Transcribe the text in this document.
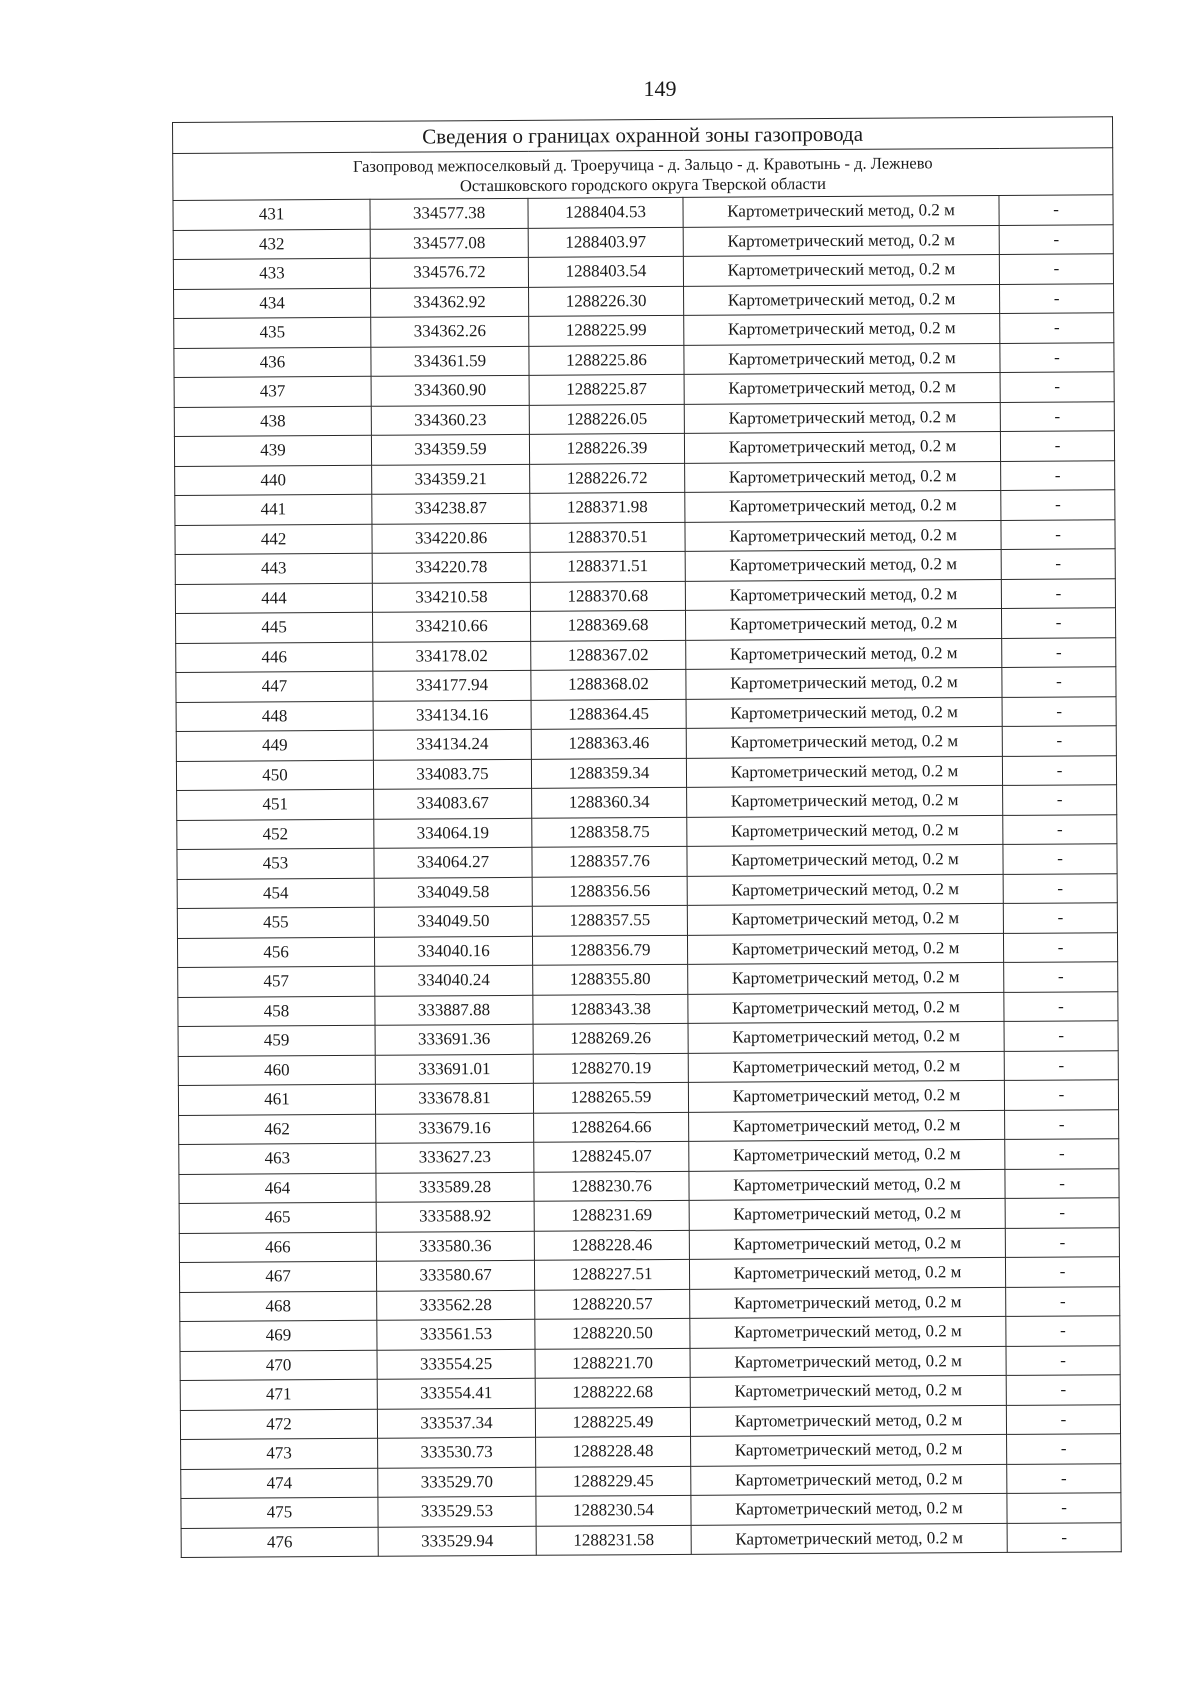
149
Сведения о границах охранной зоны газопровода				

Газопровод межпоселковый д. Троеручица - д. Зальцо - д. Кравотынь - д. Лежнево
Осташковского городского округа Тверской области				

431	334577.38	1288404.53	Картометрический метод, 0.2 м	-
432	334577.08	1288403.97	Картометрический метод, 0.2 м	-
433	334576.72	1288403.54	Картометрический метод, 0.2 м	-
434	334362.92	1288226.30	Картометрический метод, 0.2 м	-
435	334362.26	1288225.99	Картометрический метод, 0.2 м	-
436	334361.59	1288225.86	Картометрический метод, 0.2 м	-
437	334360.90	1288225.87	Картометрический метод, 0.2 м	-
438	334360.23	1288226.05	Картометрический метод, 0.2 м	-
439	334359.59	1288226.39	Картометрический метод, 0.2 м	-
440	334359.21	1288226.72	Картометрический метод, 0.2 м	-
441	334238.87	1288371.98	Картометрический метод, 0.2 м	-
442	334220.86	1288370.51	Картометрический метод, 0.2 м	-
443	334220.78	1288371.51	Картометрический метод, 0.2 м	-
444	334210.58	1288370.68	Картометрический метод, 0.2 м	-
445	334210.66	1288369.68	Картометрический метод, 0.2 м	-
446	334178.02	1288367.02	Картометрический метод, 0.2 м	-
447	334177.94	1288368.02	Картометрический метод, 0.2 м	-
448	334134.16	1288364.45	Картометрический метод, 0.2 м	-
449	334134.24	1288363.46	Картометрический метод, 0.2 м	-
450	334083.75	1288359.34	Картометрический метод, 0.2 м	-
451	334083.67	1288360.34	Картометрический метод, 0.2 м	-
452	334064.19	1288358.75	Картометрический метод, 0.2 м	-
453	334064.27	1288357.76	Картометрический метод, 0.2 м	-
454	334049.58	1288356.56	Картометрический метод, 0.2 м	-
455	334049.50	1288357.55	Картометрический метод, 0.2 м	-
456	334040.16	1288356.79	Картометрический метод, 0.2 м	-
457	334040.24	1288355.80	Картометрический метод, 0.2 м	-
458	333887.88	1288343.38	Картометрический метод, 0.2 м	-
459	333691.36	1288269.26	Картометрический метод, 0.2 м	-
460	333691.01	1288270.19	Картометрический метод, 0.2 м	-
461	333678.81	1288265.59	Картометрический метод, 0.2 м	-
462	333679.16	1288264.66	Картометрический метод, 0.2 м	-
463	333627.23	1288245.07	Картометрический метод, 0.2 м	-
464	333589.28	1288230.76	Картометрический метод, 0.2 м	-
465	333588.92	1288231.69	Картометрический метод, 0.2 м	-
466	333580.36	1288228.46	Картометрический метод, 0.2 м	-
467	333580.67	1288227.51	Картометрический метод, 0.2 м	-
468	333562.28	1288220.57	Картометрический метод, 0.2 м	-
469	333561.53	1288220.50	Картометрический метод, 0.2 м	-
470	333554.25	1288221.70	Картометрический метод, 0.2 м	-
471	333554.41	1288222.68	Картометрический метод, 0.2 м	-
472	333537.34	1288225.49	Картометрический метод, 0.2 м	-
473	333530.73	1288228.48	Картометрический метод, 0.2 м	-
474	333529.70	1288229.45	Картометрический метод, 0.2 м	-
475	333529.53	1288230.54	Картометрический метод, 0.2 м	-
476	333529.94	1288231.58	Картометрический метод, 0.2 м	-
